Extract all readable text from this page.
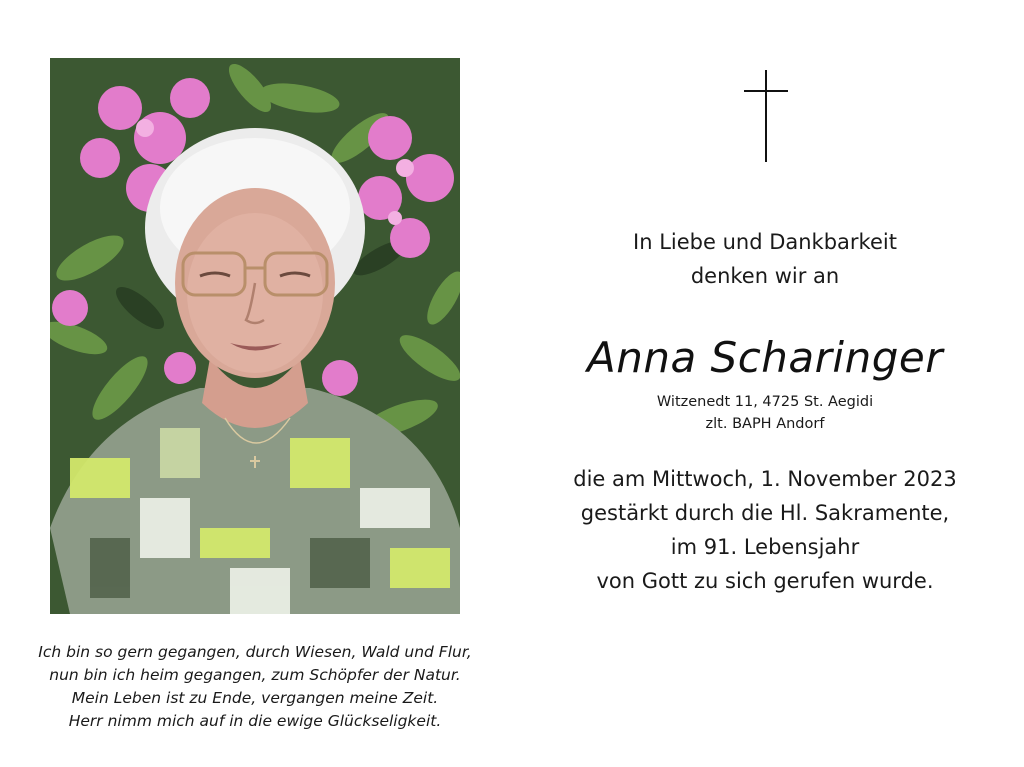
Ich bin so gern gegangen, durch Wiesen, Wald und Flur,
nun bin ich heim gegangen, zum Schöpfer der Natur.
Mein Leben ist zu Ende, vergangen meine Zeit.
Herr nimm mich auf in die ewige Glückseligkeit.
In Liebe und Dankbarkeit
denken wir an
Anna Scharinger
Witzenedt 11, 4725 St. Aegidi
zlt. BAPH Andorf
die am Mittwoch, 1. November 2023
gestärkt durch die Hl. Sakramente,
im 91. Lebensjahr
von Gott zu sich gerufen wurde.
